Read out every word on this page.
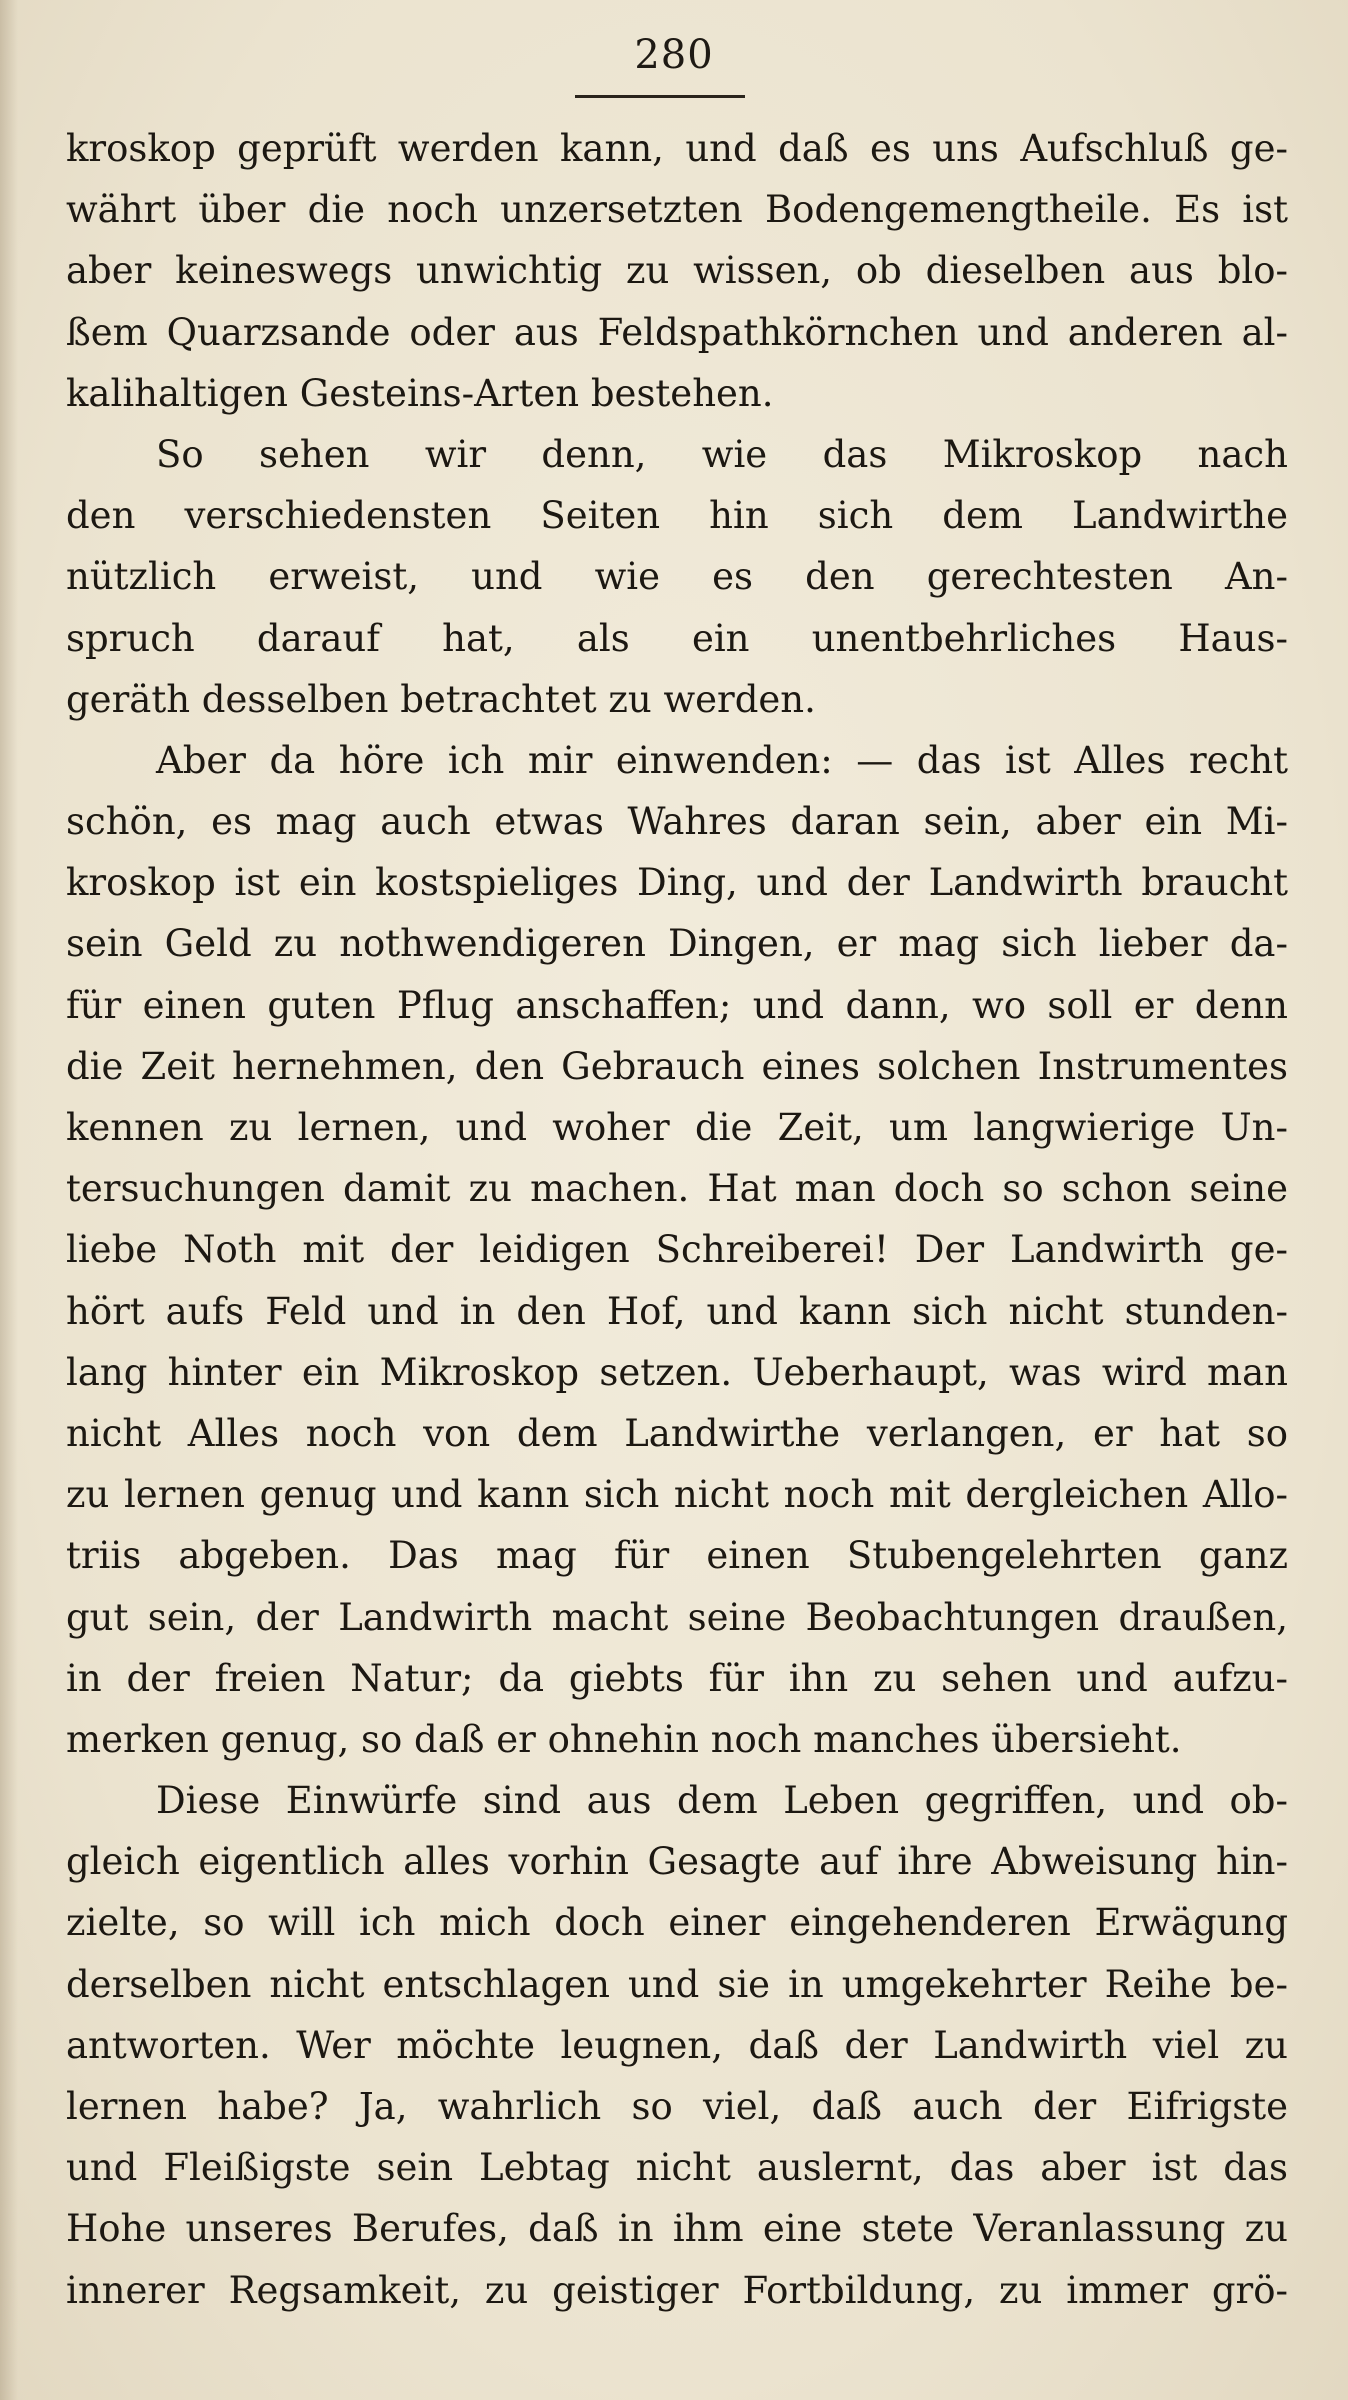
280
kroskop geprüft werden kann, und daß es uns Aufschluß ge-
währt über die noch unzersetzten Bodengemengtheile. Es ist
aber keineswegs unwichtig zu wissen, ob dieselben aus blo-
ßem Quarzsande oder aus Feldspathkörnchen und anderen al-
kalihaltigen Gesteins-Arten bestehen.
So sehen wir denn, wie das Mikroskop nach
den verschiedensten Seiten hin sich dem Landwirthe
nützlich erweist, und wie es den gerechtesten An-
spruch darauf hat, als ein unentbehrliches Haus-
geräth desselben betrachtet zu werden.
Aber da höre ich mir einwenden: — das ist Alles recht
schön, es mag auch etwas Wahres daran sein, aber ein Mi-
kroskop ist ein kostspieliges Ding, und der Landwirth braucht
sein Geld zu nothwendigeren Dingen, er mag sich lieber da-
für einen guten Pflug anschaffen; und dann, wo soll er denn
die Zeit hernehmen, den Gebrauch eines solchen Instrumentes
kennen zu lernen, und woher die Zeit, um langwierige Un-
tersuchungen damit zu machen. Hat man doch so schon seine
liebe Noth mit der leidigen Schreiberei! Der Landwirth ge-
hört aufs Feld und in den Hof, und kann sich nicht stunden-
lang hinter ein Mikroskop setzen. Ueberhaupt, was wird man
nicht Alles noch von dem Landwirthe verlangen, er hat so
zu lernen genug und kann sich nicht noch mit dergleichen Allo-
triis abgeben. Das mag für einen Stubengelehrten ganz
gut sein, der Landwirth macht seine Beobachtungen draußen,
in der freien Natur; da giebts für ihn zu sehen und aufzu-
merken genug, so daß er ohnehin noch manches übersieht.
Diese Einwürfe sind aus dem Leben gegriffen, und ob-
gleich eigentlich alles vorhin Gesagte auf ihre Abweisung hin-
zielte, so will ich mich doch einer eingehenderen Erwägung
derselben nicht entschlagen und sie in umgekehrter Reihe be-
antworten. Wer möchte leugnen, daß der Landwirth viel zu
lernen habe? Ja, wahrlich so viel, daß auch der Eifrigste
und Fleißigste sein Lebtag nicht auslernt, das aber ist das
Hohe unseres Berufes, daß in ihm eine stete Veranlassung zu
innerer Regsamkeit, zu geistiger Fortbildung, zu immer grö-
